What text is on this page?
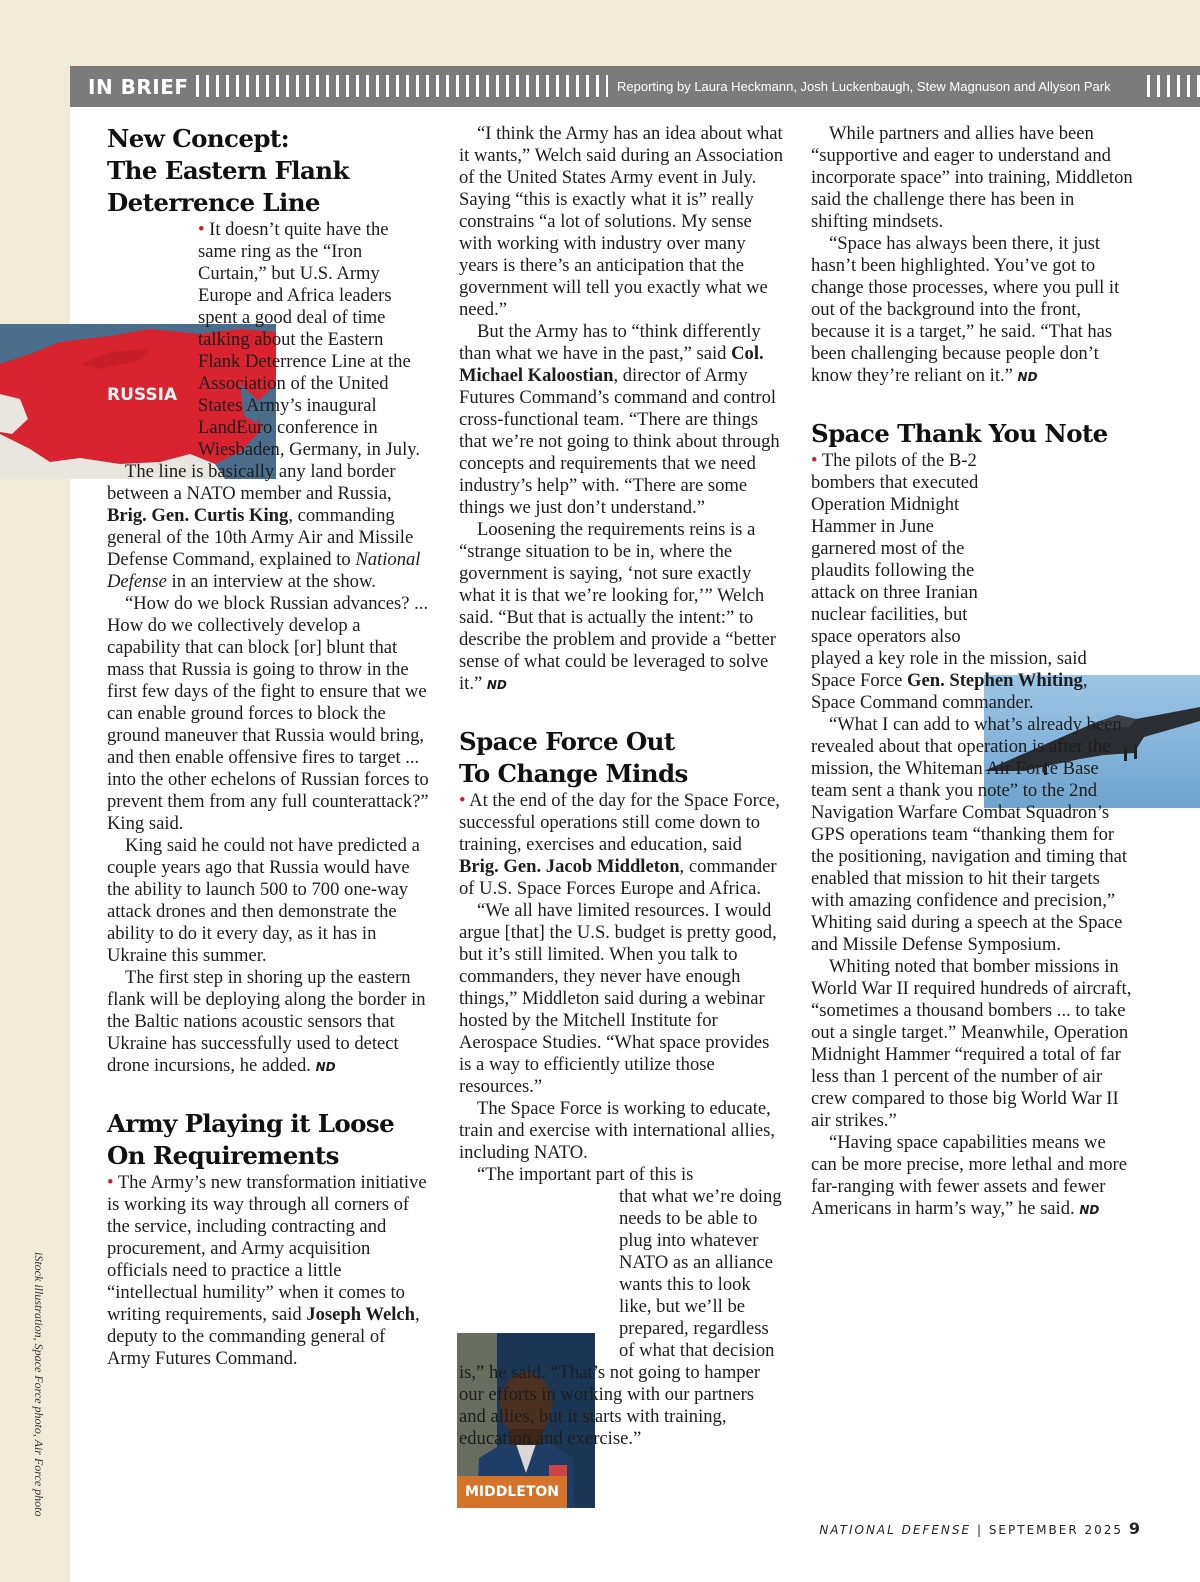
IN BRIEF	Reporting by Laura Heckmann, Josh Luckenbaugh, Stew Magnuson and Allyson Park
iStock illustration, Space Force photo, Air Force photo
RUSSIA
MIDDLETON
New Concept:
The Eastern Flank
Deterrence Line

• It doesn’t quite have the same ring as the “Iron Curtain,” but U.S. Army Europe and Africa leaders spent a good deal of time talking about the Eastern Flank Deterrence Line at the Association of the United States Army’s inaugural LandEuro conference in Wiesbaden, Germany, in July.

The line is basically any land border between a NATO member and Russia, Brig. Gen. Curtis King, commanding general of the 10th Army Air and Missile Defense Command, explained to National Defense in an interview at the show.

“How do we block Russian advances? ... How do we collectively develop a capability that can block [or] blunt that mass that Russia is going to throw in the first few days of the fight to ensure that we can enable ground forces to block the ground maneuver that Russia would bring, and then enable offensive fires to target ... into the other echelons of Russian forces to prevent them from any full counterattack?” King said.

King said he could not have predicted a couple years ago that Russia would have the ability to launch 500 to 700 one-way attack drones and then demonstrate the ability to do it every day, as it has in Ukraine this summer.

The first step in shoring up the eastern flank will be deploying along the border in the Baltic nations acoustic sensors that Ukraine has successfully used to detect drone incursions, he added. ND

Army Playing it Loose
On Requirements

• The Army’s new transformation initiative is working its way through all corners of the service, including contracting and procurement, and Army acquisition officials need to practice a little “intellectual humility” when it comes to writing requirements, said Joseph Welch, deputy to the commanding general of Army Futures Command.

“I think the Army has an idea about what it wants,” Welch said during an Association of the United States Army event in July. Saying “this is exactly what it is” really constrains “a lot of solutions. My sense with working with industry over many years is there’s an anticipation that the government will tell you exactly what we need.”

But the Army has to “think differently than what we have in the past,” said Col. Michael Kaloostian, director of Army Futures Command’s command and control cross-functional team. “There are things that we’re not going to think about through concepts and requirements that we need industry’s help” with. “There are some things we just don’t understand.”

Loosening the requirements reins is a “strange situation to be in, where the government is saying, ‘not sure exactly what it is that we’re looking for,’” Welch said. “But that is actually the intent:” to describe the problem and provide a “better sense of what could be leveraged to solve it.” ND

Space Force Out
To Change Minds

• At the end of the day for the Space Force, successful operations still come down to training, exercises and education, said Brig. Gen. Jacob Middleton, commander of U.S. Space Forces Europe and Africa.

“We all have limited resources. I would argue [that] the U.S. budget is pretty good, but it’s still limited. When you talk to commanders, they never have enough things,” Middleton said during a webinar hosted by the Mitchell Institute for Aerospace Studies. “What space provides is a way to efficiently utilize those resources.”

The Space Force is working to educate, train and exercise with international allies, including NATO.

“The important part of this is

that what we’re doing needs to be able to plug into whatever NATO as an alliance wants this to look like, but we’ll be prepared, regardless of what that decision is,” he said. “That’s not going to hamper our efforts in working with our partners and allies, but it starts with training, education and exercise.”

While partners and allies have been “supportive and eager to understand and incorporate space” into training, Middleton said the challenge there has been in shifting mindsets.

“Space has always been there, it just hasn’t been highlighted. You’ve got to change those processes, where you pull it out of the background into the front, because it is a target,” he said. “That has been challenging because people don’t know they’re reliant on it.” ND

Space Thank You Note

• The pilots of the B-2 bombers that executed Operation Midnight Hammer in June garnered most of the plaudits following the attack on three Iranian nuclear facilities, but space operators also played a key role in the mission, said Space Force Gen. Stephen Whiting, Space Command commander.

“What I can add to what’s already been revealed about that operation is after the mission, the Whiteman Air Force Base team sent a thank you note” to the 2nd Navigation Warfare Combat Squadron’s GPS operations team “thanking them for the positioning, navigation and timing that enabled that mission to hit their targets with amazing confidence and precision,” Whiting said during a speech at the Space and Missile Defense Symposium.

Whiting noted that bomber missions in World War II required hundreds of aircraft, “sometimes a thousand bombers ... to take out a single target.” Meanwhile, Operation Midnight Hammer “required a total of far less than 1 percent of the number of air crew compared to those big World War II air strikes.”

“Having space capabilities means we can be more precise, more lethal and more far-ranging with fewer assets and fewer Americans in harm’s way,” he said. ND

NATIONAL DEFENSE | SEPTEMBER 2025 9
